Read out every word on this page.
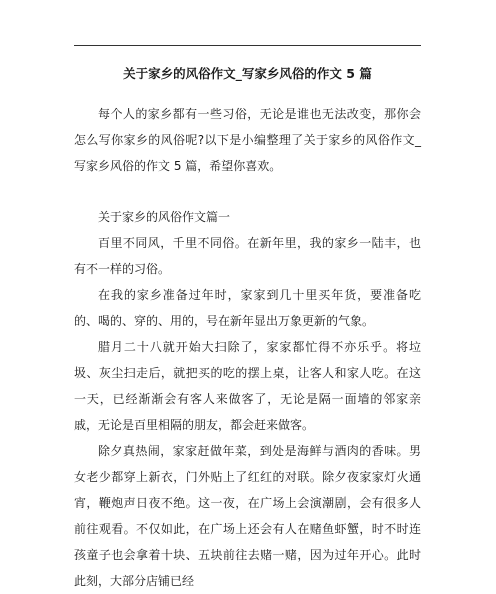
关于家乡的风俗作文_写家乡风俗的作文 5 篇

每个人的家乡都有一些习俗，无论是谁也无法改变，那你会怎么写你家乡的风俗呢?以下是小编整理了关于家乡的风俗作文_写家乡风俗的作文 5 篇，希望你喜欢。

关于家乡的风俗作文篇一

百里不同风，千里不同俗。在新年里，我的家乡一陆丰，也有不一样的习俗。

在我的家乡准备过年时，家家到几十里买年货，要准备吃的、喝的、穿的、用的，号在新年显出万象更新的气象。

腊月二十八就开始大扫除了，家家都忙得不亦乐乎。将垃圾、灰尘扫走后，就把买的吃的摆上桌，让客人和家人吃。在这一天，已经渐渐会有客人来做客了，无论是隔一面墙的邻家亲戚，无论是百里相隔的朋友，都会赶来做客。

除夕真热闹，家家赶做年菜，到处是海鲜与酒肉的香味。男女老少都穿上新衣，门外贴上了红红的对联。除夕夜家家灯火通宵，鞭炮声日夜不绝。这一夜，在广场上会演潮剧，会有很多人前往观看。不仅如此，在广场上还会有人在赌鱼虾蟹，时不时连孩童子也会拿着十块、五块前往去赌一赌，因为过年开心。此时此刻，大部分店铺已经
